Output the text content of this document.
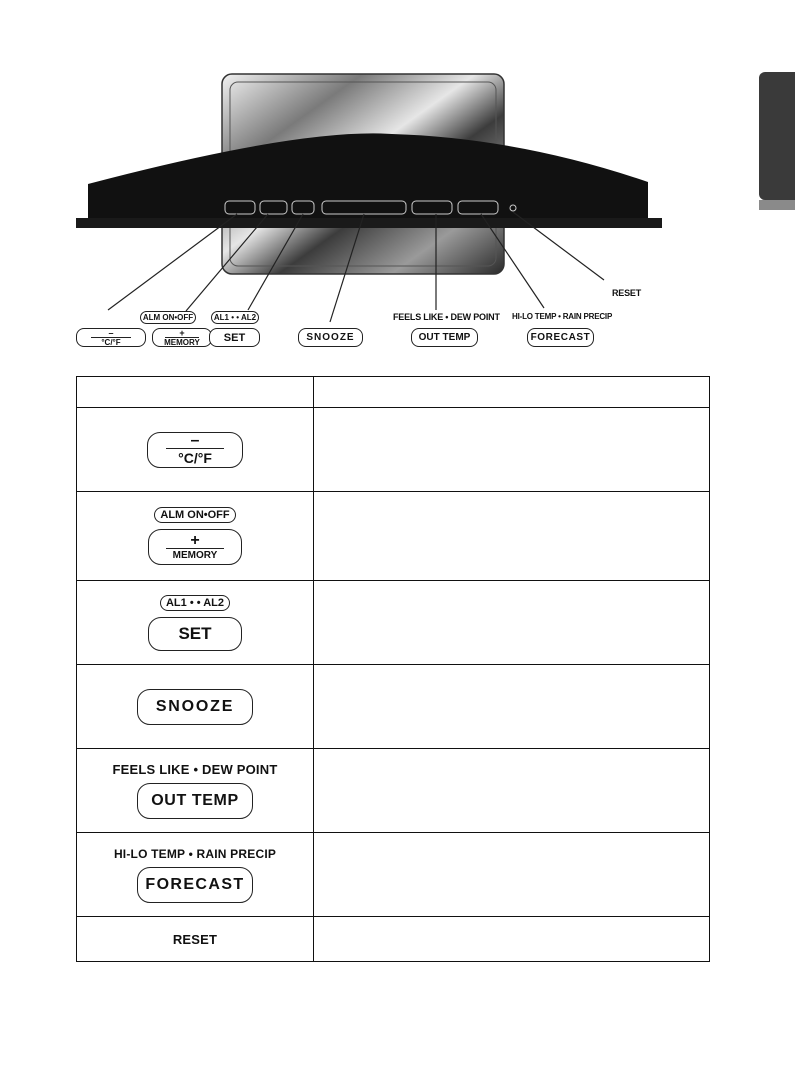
–
°C/°F
ALM ON•OFF
+
MEMORY
AL1 • • AL2
SET	SNOOZE
FEELS LIKE • DEW POINT
OUT TEMP
HI-LO TEMP • RAIN PRECIP
FORECAST
RESET

–
°C/°F	

ALM ON•OFF
+
MEMORY	

AL1 • • AL2
SET	

SNOOZE	

FEELS LIKE • DEW POINT
OUT TEMP	

HI-LO TEMP • RAIN PRECIP
FORECAST	

RESET	
